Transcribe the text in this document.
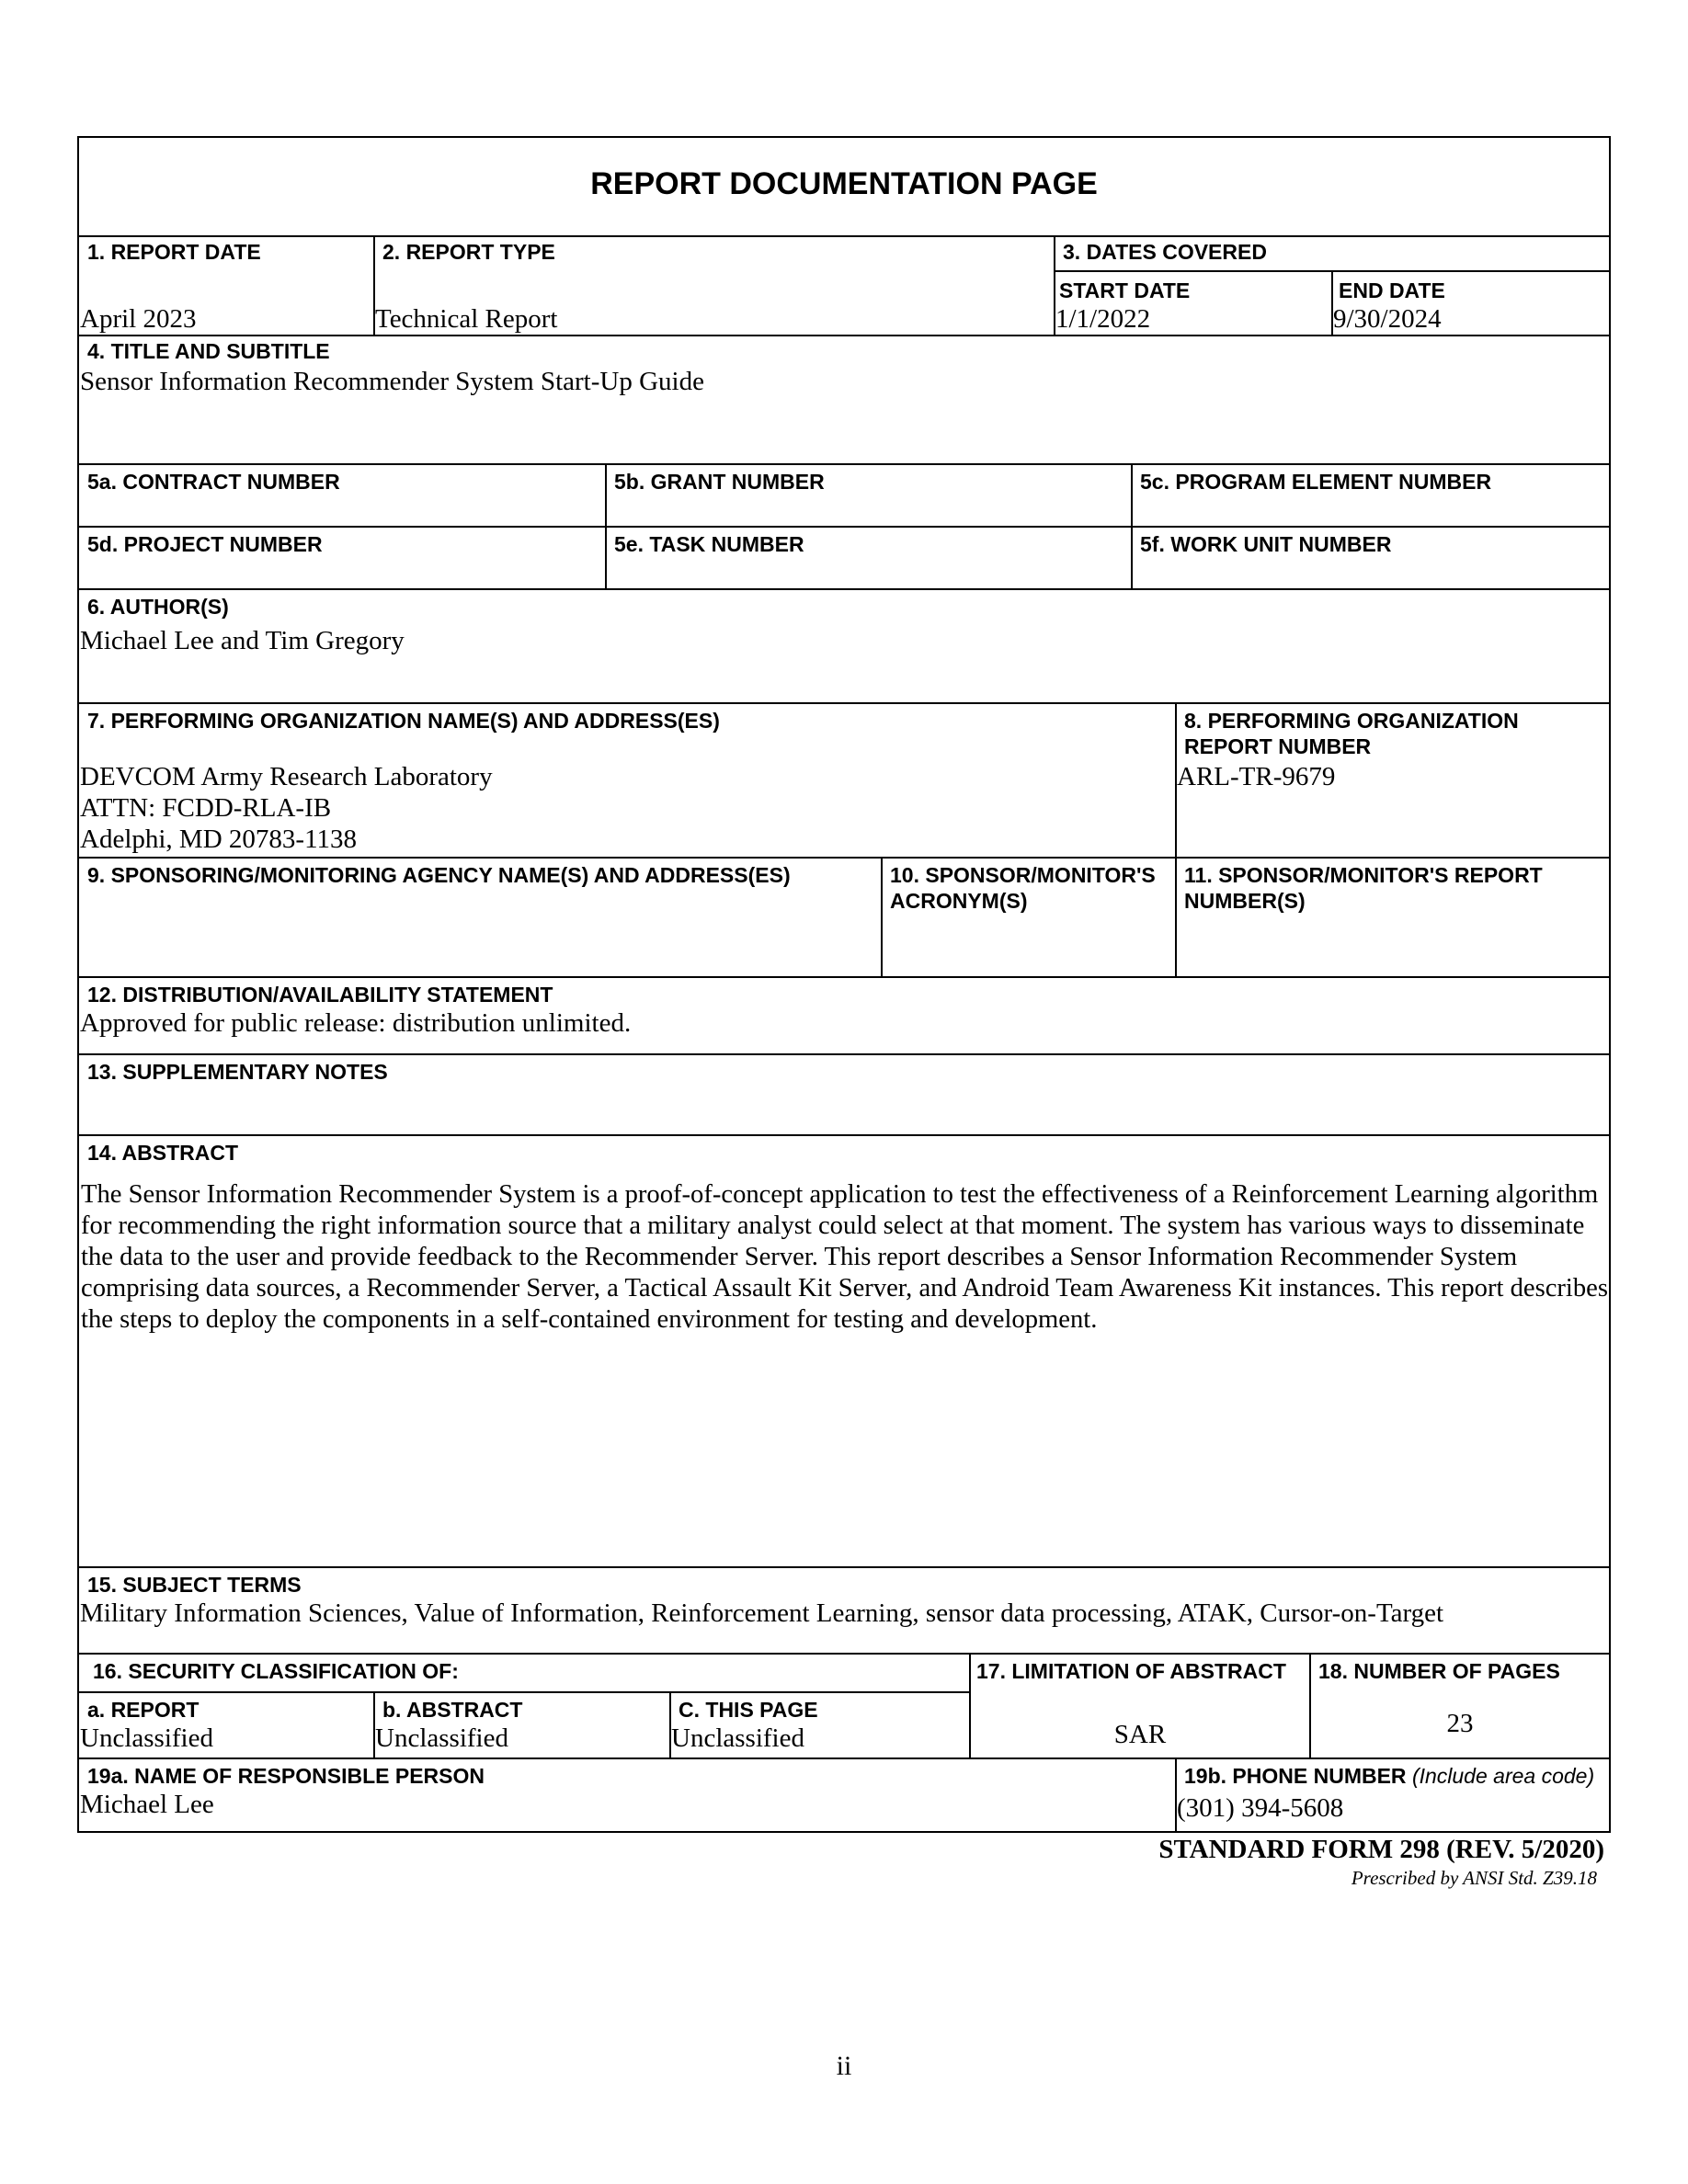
REPORT DOCUMENTATION PAGE
1. REPORT DATE
April 2023
2. REPORT TYPE
Technical Report
3. DATES COVERED
START DATE
1/1/2022
END DATE
9/30/2024
4. TITLE AND SUBTITLE
Sensor Information Recommender System Start-Up Guide
5a. CONTRACT NUMBER	5b. GRANT NUMBER	5c. PROGRAM ELEMENT NUMBER
5d. PROJECT NUMBER	5e. TASK NUMBER	5f. WORK UNIT NUMBER
6. AUTHOR(S)
Michael Lee and Tim Gregory
7. PERFORMING ORGANIZATION NAME(S) AND ADDRESS(ES)
DEVCOM Army Research Laboratory
ATTN: FCDD-RLA-IB
Adelphi, MD 20783-1138
8. PERFORMING ORGANIZATION
REPORT NUMBER
ARL-TR-9679
9. SPONSORING/MONITORING AGENCY NAME(S) AND ADDRESS(ES)	10. SPONSOR/MONITOR'S
ACRONYM(S)
11. SPONSOR/MONITOR'S REPORT
NUMBER(S)
12. DISTRIBUTION/AVAILABILITY STATEMENT
Approved for public release: distribution unlimited.
13. SUPPLEMENTARY NOTES
14. ABSTRACT
The Sensor Information Recommender System is a proof-of-concept application to test the effectiveness of a Reinforcement Learning algorithm for recommending the right information source that a military analyst could select at that moment. The system has various ways to disseminate the data to the user and provide feedback to the Recommender Server. This report describes a Sensor Information Recommender System comprising data sources, a Recommender Server, a Tactical Assault Kit Server, and Android Team Awareness Kit instances. This report describes the steps to deploy the components in a self-contained environment for testing and development.
15. SUBJECT TERMS
Military Information Sciences, Value of Information, Reinforcement Learning, sensor data processing, ATAK, Cursor-on-Target
16. SECURITY CLASSIFICATION OF:
a. REPORT
Unclassified
b. ABSTRACT
Unclassified
C. THIS PAGE
Unclassified
17. LIMITATION OF ABSTRACT
SAR
18. NUMBER OF PAGES
23
19a. NAME OF RESPONSIBLE PERSON
Michael Lee
19b. PHONE NUMBER (Include area code)
(301) 394-5608
STANDARD FORM 298 (REV. 5/2020)
Prescribed by ANSI Std. Z39.18
ii
